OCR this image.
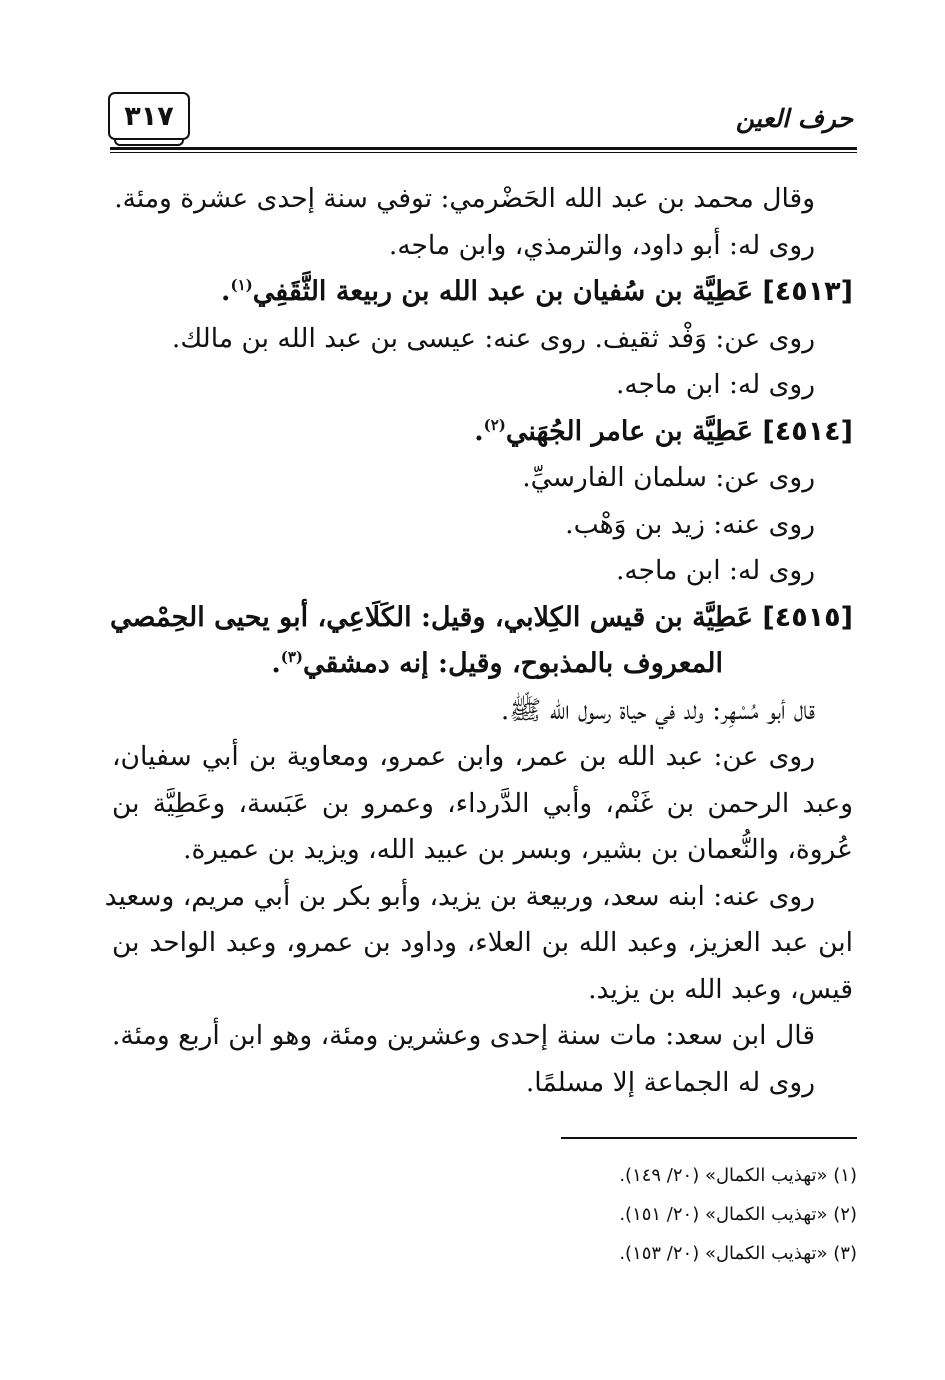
٣١٧	حرف العين
وقال محمد بن عبد الله الحَضْرمي: توفي سنة إحدى عشرة ومئة.
روى له: أبو داود، والترمذي، وابن ماجه.
[٤٥١٣] عَطِيَّة بن سُفيان بن عبد الله بن ربيعة الثَّقَفِي$^{(١)}$.
روى عن: وَفْد ثقيف. روى عنه: عيسى بن عبد الله بن مالك.
روى له: ابن ماجه.
[٤٥١٤] عَطِيَّة بن عامر الجُهَني$^{(٢)}$.
روى عن: سلمان الفارسيِّ.
روى عنه: زيد بن وَهْب.
روى له: ابن ماجه.
[٤٥١٥] عَطِيَّة بن قيس الكِلابي، وقيل: الكَلَاعِي، أبو يحيى الحِمْصي
المعروف بالمذبوح، وقيل: إنه دمشقي$^{(٣)}$.
قال أبو مُسْهِر: ولد في حياة رسول الله ﷺ.
روى عن: عبد الله بن عمر، وابن عمرو، ومعاوية بن أبي سفيان،
وعبد الرحمن بن غَنْم، وأبي الدَّرداء، وعمرو بن عَبَسة، وعَطِيَّة بن
عُروة، والنُّعمان بن بشير، وبسر بن عبيد الله، ويزيد بن عميرة.
روى عنه: ابنه سعد، وربيعة بن يزيد، وأبو بكر بن أبي مريم، وسعيد
ابن عبد العزيز، وعبد الله بن العلاء، وداود بن عمرو، وعبد الواحد بن
قيس، وعبد الله بن يزيد.
قال ابن سعد: مات سنة إحدى وعشرين ومئة، وهو ابن أربع ومئة.
روى له الجماعة إلا مسلمًا.
(١) «تهذيب الكمال» (٢٠/ ١٤٩).
(٢) «تهذيب الكمال» (٢٠/ ١٥١).
(٣) «تهذيب الكمال» (٢٠/ ١٥٣).
